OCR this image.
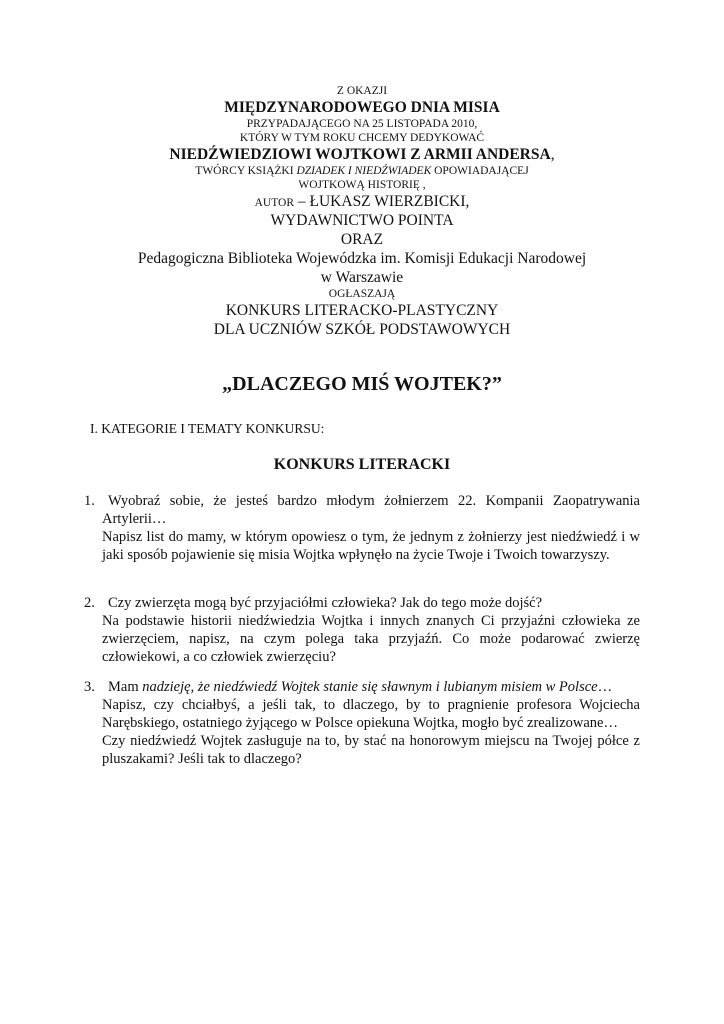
Z OKAZJI
MIĘDZYNARODOWEGO DNIA MISIA
PRZYPADAJĄCEGO NA 25 LISTOPADA 2010,
KTÓRY W TYM ROKU CHCEMY DEDYKOWAĆ
NIEDŹWIEDZIOWI WOJTKOWI Z ARMII ANDERSA,
TWÓRCY KSIĄŻKI DZIADEK I NIEDŹWIADEK OPOWIADAJĄCEJ
WOJTKOWĄ HISTORIĘ ,
AUTOR – ŁUKASZ WIERZBICKI,
WYDAWNICTWO POINTA
ORAZ
Pedagogiczna Biblioteka Wojewódzka im. Komisji Edukacji Narodowej
w Warszawie
OGŁASZAJĄ
KONKURS LITERACKO-PLASTYCZNY
DLA UCZNIÓW SZKÓŁ PODSTAWOWYCH
„DLACZEGO MIŚ WOJTEK?”
I. KATEGORIE I TEMATY KONKURSU:
KONKURS LITERACKI
1. Wyobraź sobie, że jesteś bardzo młodym żołnierzem 22. Kompanii Zaopatrywania Artylerii…
Napisz list do mamy, w którym opowiesz o tym, że jednym z żołnierzy jest niedźwiedź i w jaki sposób pojawienie się misia Wojtka wpłynęło na życie Twoje i Twoich towarzyszy.
2. Czy zwierzęta mogą być przyjaciółmi człowieka? Jak do tego może dojść?
Na podstawie historii niedźwiedzia Wojtka i innych znanych Ci przyjaźni człowieka ze zwierzęciem, napisz, na czym polega taka przyjaźń. Co może podarować zwierzę człowiekowi, a co człowiek zwierzęciu?
3. Mam nadzieję, że niedźwiedź Wojtek stanie się sławnym i lubianym misiem w Polsce…
Napisz, czy chciałbyś, a jeśli tak, to dlaczego, by to pragnienie profesora Wojciecha Narębskiego, ostatniego żyjącego w Polsce opiekuna Wojtka, mogło być zrealizowane…
Czy niedźwiedź Wojtek zasługuje na to, by stać na honorowym miejscu na Twojej półce z pluszakami? Jeśli tak to dlaczego?
